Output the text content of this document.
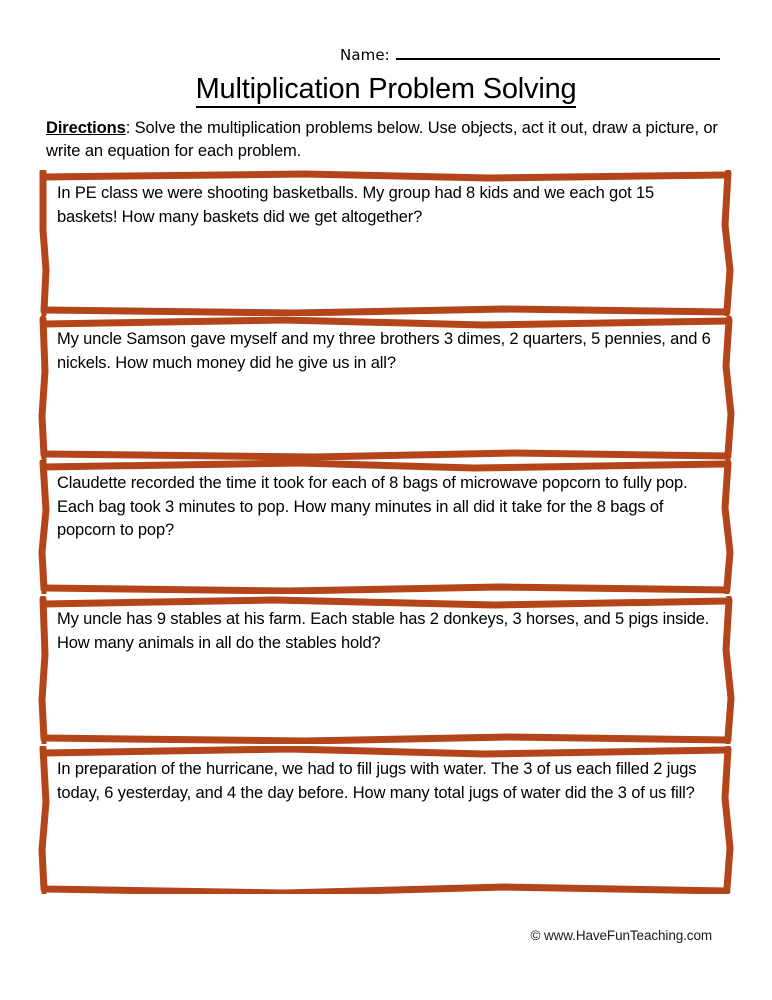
Name:
Multiplication Problem Solving
Directions: Solve the multiplication problems below. Use objects, act it out, draw a picture, or write an equation for each problem.
In PE class we were shooting basketballs. My group had 8 kids and we each got 15 baskets! How many baskets did we get altogether?
My uncle Samson gave myself and my three brothers 3 dimes, 2 quarters, 5 pennies, and 6 nickels. How much money did he give us in all?
Claudette recorded the time it took for each of 8 bags of microwave popcorn to fully pop. Each bag took 3 minutes to pop. How many minutes in all did it take for the 8 bags of popcorn to pop?
My uncle has 9 stables at his farm. Each stable has 2 donkeys, 3 horses, and 5 pigs inside. How many animals in all do the stables hold?
In preparation of the hurricane, we had to fill jugs with water. The 3 of us each filled 2 jugs today, 6 yesterday, and 4 the day before. How many total jugs of water did the 3 of us fill?
© www.HaveFunTeaching.com
